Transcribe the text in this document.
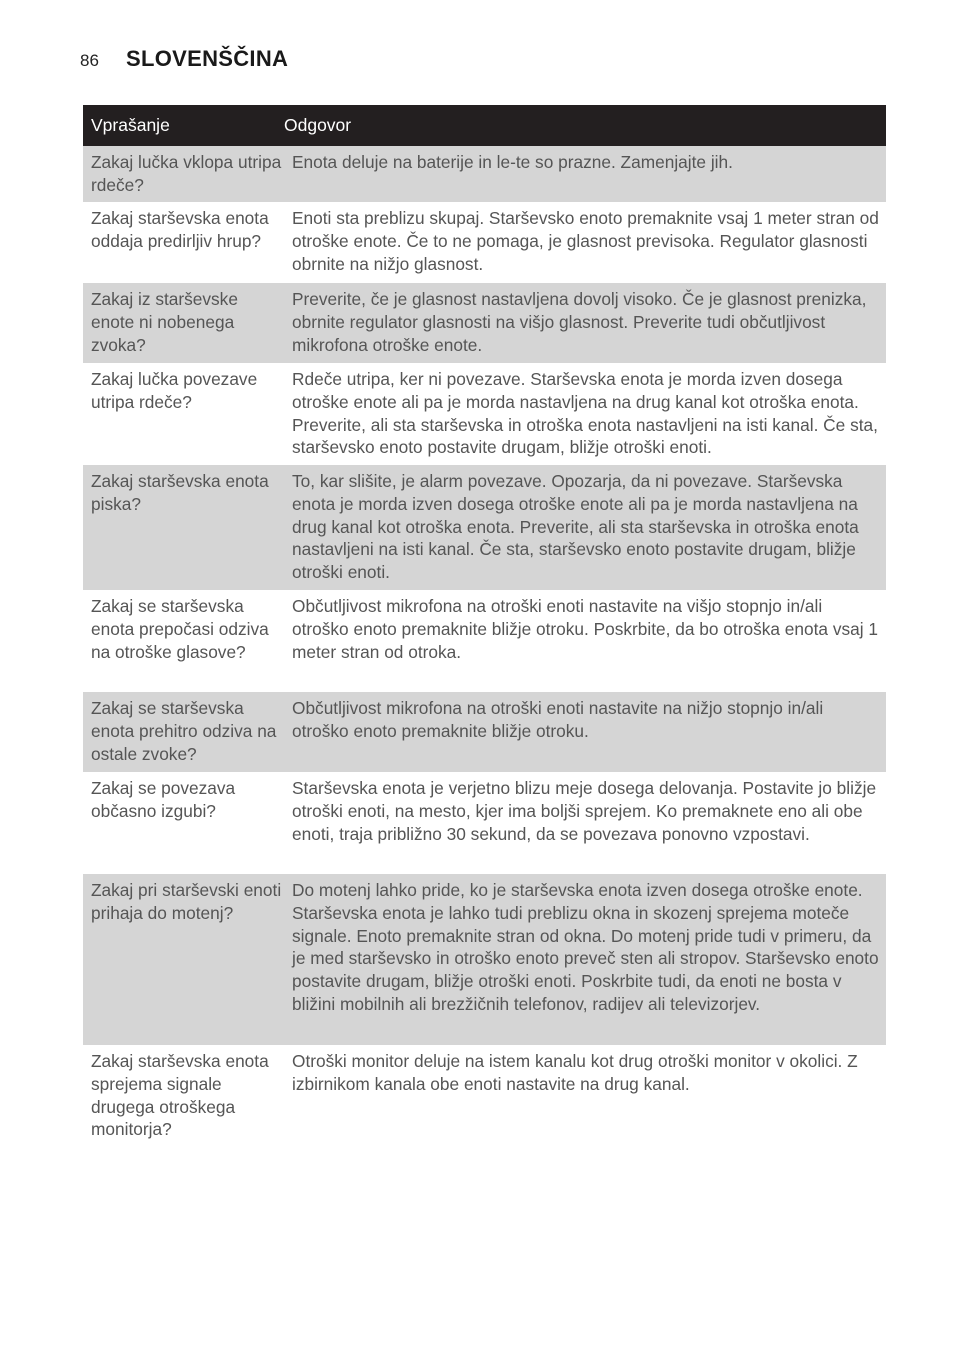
86	SLOVENŠČINA
Vprašanje	Odgovor
Zakaj lučka vklopa utripa rdeče?
Enota deluje na baterije in le-te so prazne. Zamenjajte jih.
Zakaj starševska enota oddaja predirljiv hrup?
Enoti sta preblizu skupaj. Starševsko enoto premaknite vsaj 1 meter stran od otroške enote. Če to ne pomaga, je glasnost previsoka. Regulator glasnosti obrnite na nižjo glasnost.
Zakaj iz starševske enote ni nobenega zvoka?
Preverite, če je glasnost nastavljena dovolj visoko. Če je glasnost prenizka, obrnite regulator glasnosti na višjo glasnost. Preverite tudi občutljivost mikrofona otroške enote.
Zakaj lučka povezave utripa rdeče?
Rdeče utripa, ker ni povezave. Starševska enota je morda izven dosega otroške enote ali pa je morda nastavljena na drug kanal kot otroška enota. Preverite, ali sta starševska in otroška enota nastavljeni na isti kanal. Če sta, starševsko enoto postavite drugam, bližje otroški enoti.
Zakaj starševska enota piska?
To, kar slišite, je alarm povezave. Opozarja, da ni povezave. Starševska enota je morda izven dosega otroške enote ali pa je morda nastavljena na drug kanal kot otroška enota. Preverite, ali sta starševska in otroška enota nastavljeni na isti kanal. Če sta, starševsko enoto postavite drugam, bližje otroški enoti.
Zakaj se starševska enota prepočasi odziva na otroške glasove?
Občutljivost mikrofona na otroški enoti nastavite na višjo stopnjo in/ali otroško enoto premaknite bližje otroku. Poskrbite, da bo otroška enota vsaj 1 meter stran od otroka.
Zakaj se starševska enota prehitro odziva na ostale zvoke?
Občutljivost mikrofona na otroški enoti nastavite na nižjo stopnjo in/ali otroško enoto premaknite bližje otroku.
Zakaj se povezava občasno izgubi?
Starševska enota je verjetno blizu meje dosega delovanja. Postavite jo bližje otroški enoti, na mesto, kjer ima boljši sprejem. Ko premaknete eno ali obe enoti, traja približno 30 sekund, da se povezava ponovno vzpostavi.
Zakaj pri starševski enoti prihaja do motenj?
Do motenj lahko pride, ko je starševska enota izven dosega otroške enote. Starševska enota je lahko tudi preblizu okna in skozenj sprejema moteče signale. Enoto premaknite stran od okna. Do motenj pride tudi v primeru, da je med starševsko in otroško enoto preveč sten ali stropov. Starševsko enoto postavite drugam, bližje otroški enoti. Poskrbite tudi, da enoti ne bosta v bližini mobilnih ali brezžičnih telefonov, radijev ali televizorjev.
Zakaj starševska enota sprejema signale drugega otroškega monitorja?
Otroški monitor deluje na istem kanalu kot drug otroški monitor v okolici. Z izbirnikom kanala obe enoti nastavite na drug kanal.
